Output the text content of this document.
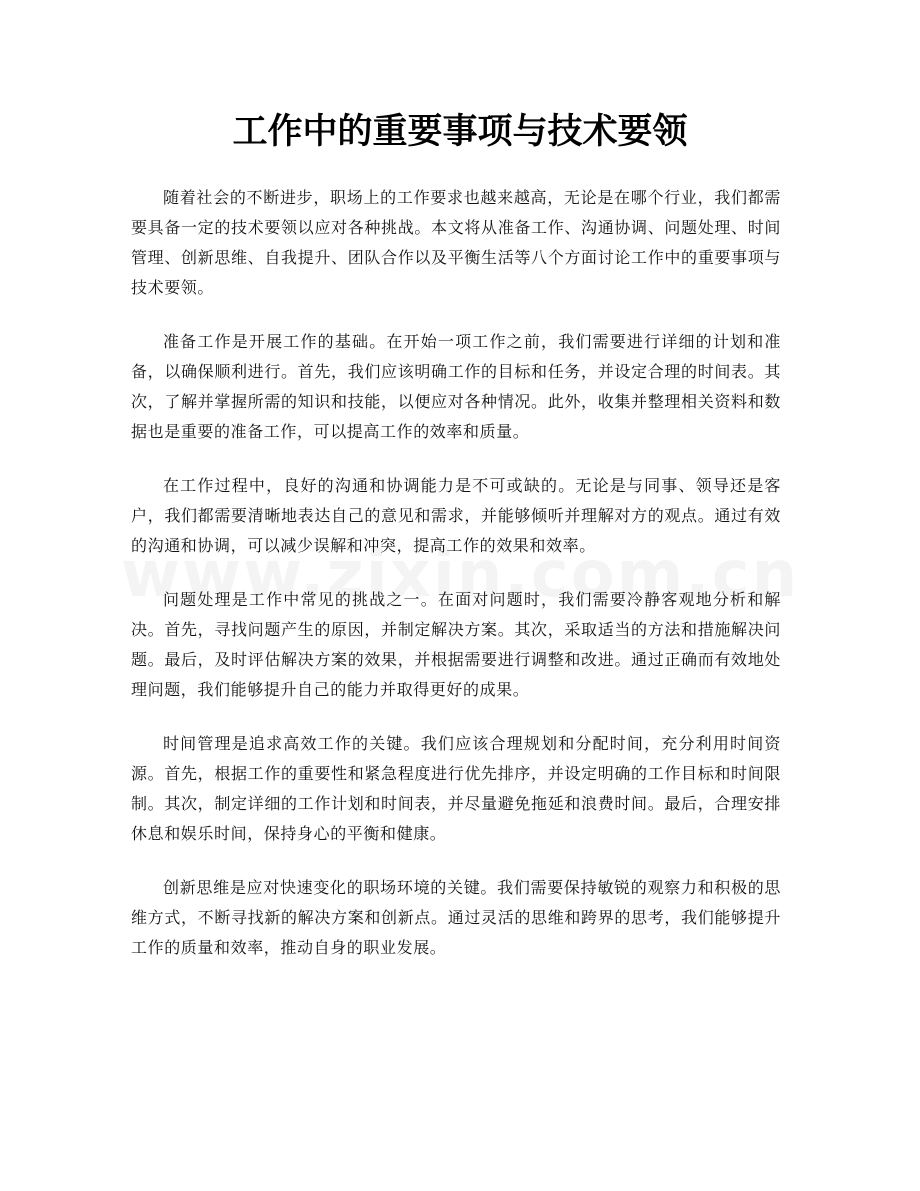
工作中的重要事项与技术要领

随着社会的不断进步，职场上的工作要求也越来越高，无论是在哪个行业，我们都需要具备一定的技术要领以应对各种挑战。本文将从准备工作、沟通协调、问题处理、时间管理、创新思维、自我提升、团队合作以及平衡生活等八个方面讨论工作中的重要事项与技术要领。

准备工作是开展工作的基础。在开始一项工作之前，我们需要进行详细的计划和准备，以确保顺利进行。首先，我们应该明确工作的目标和任务，并设定合理的时间表。其次，了解并掌握所需的知识和技能，以便应对各种情况。此外，收集并整理相关资料和数据也是重要的准备工作，可以提高工作的效率和质量。

在工作过程中，良好的沟通和协调能力是不可或缺的。无论是与同事、领导还是客户，我们都需要清晰地表达自己的意见和需求，并能够倾听并理解对方的观点。通过有效的沟通和协调，可以减少误解和冲突，提高工作的效果和效率。

问题处理是工作中常见的挑战之一。在面对问题时，我们需要冷静客观地分析和解决。首先，寻找问题产生的原因，并制定解决方案。其次，采取适当的方法和措施解决问题。最后，及时评估解决方案的效果，并根据需要进行调整和改进。通过正确而有效地处理问题，我们能够提升自己的能力并取得更好的成果。

时间管理是追求高效工作的关键。我们应该合理规划和分配时间，充分利用时间资源。首先，根据工作的重要性和紧急程度进行优先排序，并设定明确的工作目标和时间限制。其次，制定详细的工作计划和时间表，并尽量避免拖延和浪费时间。最后，合理安排休息和娱乐时间，保持身心的平衡和健康。

创新思维是应对快速变化的职场环境的关键。我们需要保持敏锐的观察力和积极的思维方式，不断寻找新的解决方案和创新点。通过灵活的思维和跨界的思考，我们能够提升工作的质量和效率，推动自身的职业发展。
